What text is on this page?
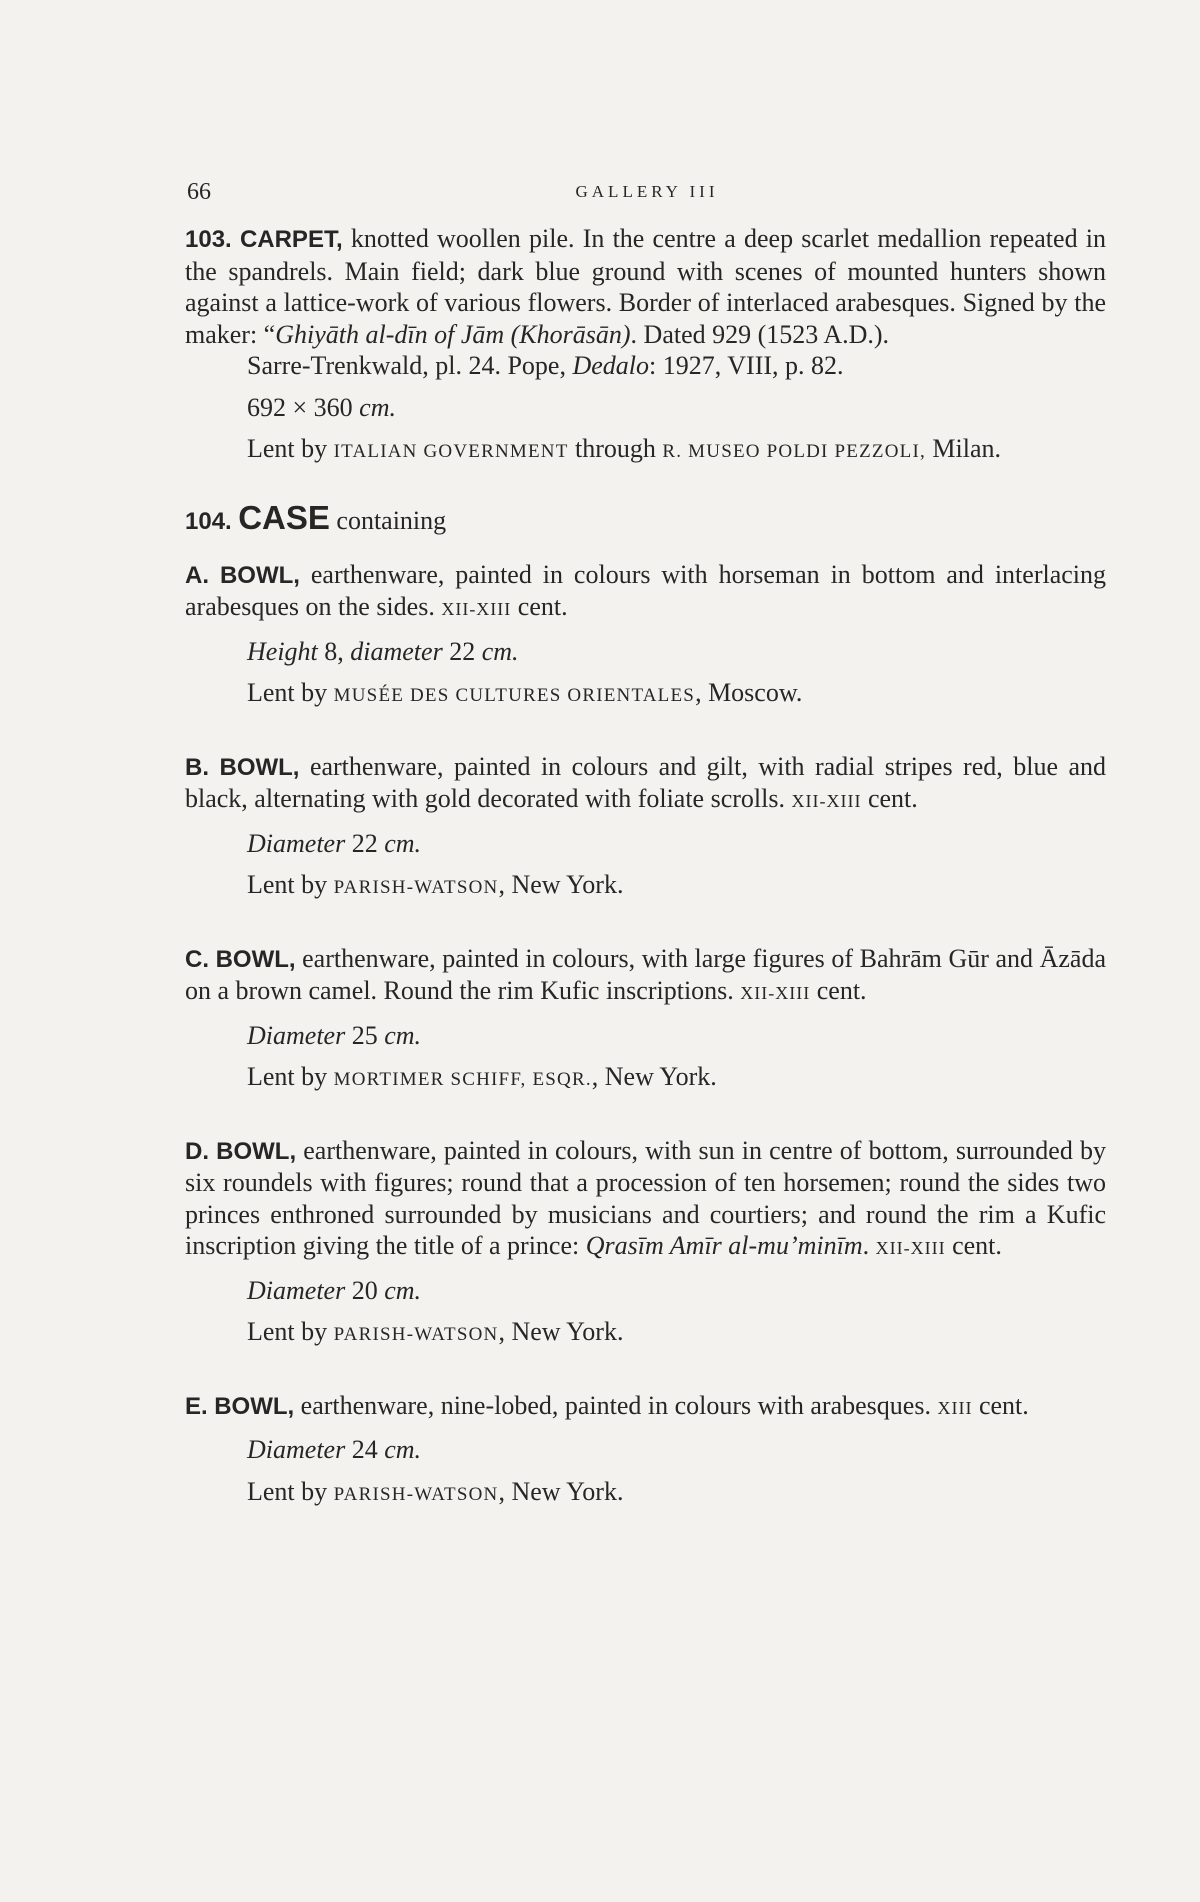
66	GALLERY III

103. CARPET, knotted woollen pile. In the centre a deep scarlet medallion repeated in the spandrels. Main field; dark blue ground with scenes of mounted hunters shown against a lattice-work of various flowers. Border of interlaced arabesques. Signed by the maker: “Ghiyāth al-dīn of Jām (Khorāsān). Dated 929 (1523 A.D.).

Sarre-Trenkwald, pl. 24. Pope, Dedalo: 1927, VIII, p. 82.

692 × 360 cm.

Lent by ITALIAN GOVERNMENT through R. MUSEO POLDI PEZZOLI, Milan.

104. CASE containing

A. BOWL, earthenware, painted in colours with horseman in bottom and interlacing arabesques on the sides. XII-XIII cent.

Height 8, diameter 22 cm.

Lent by MUSÉE DES CULTURES ORIENTALES, Moscow.

B. BOWL, earthenware, painted in colours and gilt, with radial stripes red, blue and black, alternating with gold decorated with foliate scrolls. XII-XIII cent.

Diameter 22 cm.

Lent by PARISH-WATSON, New York.

C. BOWL, earthenware, painted in colours, with large figures of Bahrām Gūr and Āzāda on a brown camel. Round the rim Kufic inscriptions. XII-XIII cent.

Diameter 25 cm.

Lent by MORTIMER SCHIFF, ESQR., New York.

D. BOWL, earthenware, painted in colours, with sun in centre of bottom, surrounded by six roundels with figures; round that a procession of ten horsemen; round the sides two princes enthroned surrounded by musicians and courtiers; and round the rim a Kufic inscription giving the title of a prince: Qrasīm Amīr al-mu’minīm. XII-XIII cent.

Diameter 20 cm.

Lent by PARISH-WATSON, New York.

E. BOWL, earthenware, nine-lobed, painted in colours with arabesques. XIII cent.

Diameter 24 cm.

Lent by PARISH-WATSON, New York.
